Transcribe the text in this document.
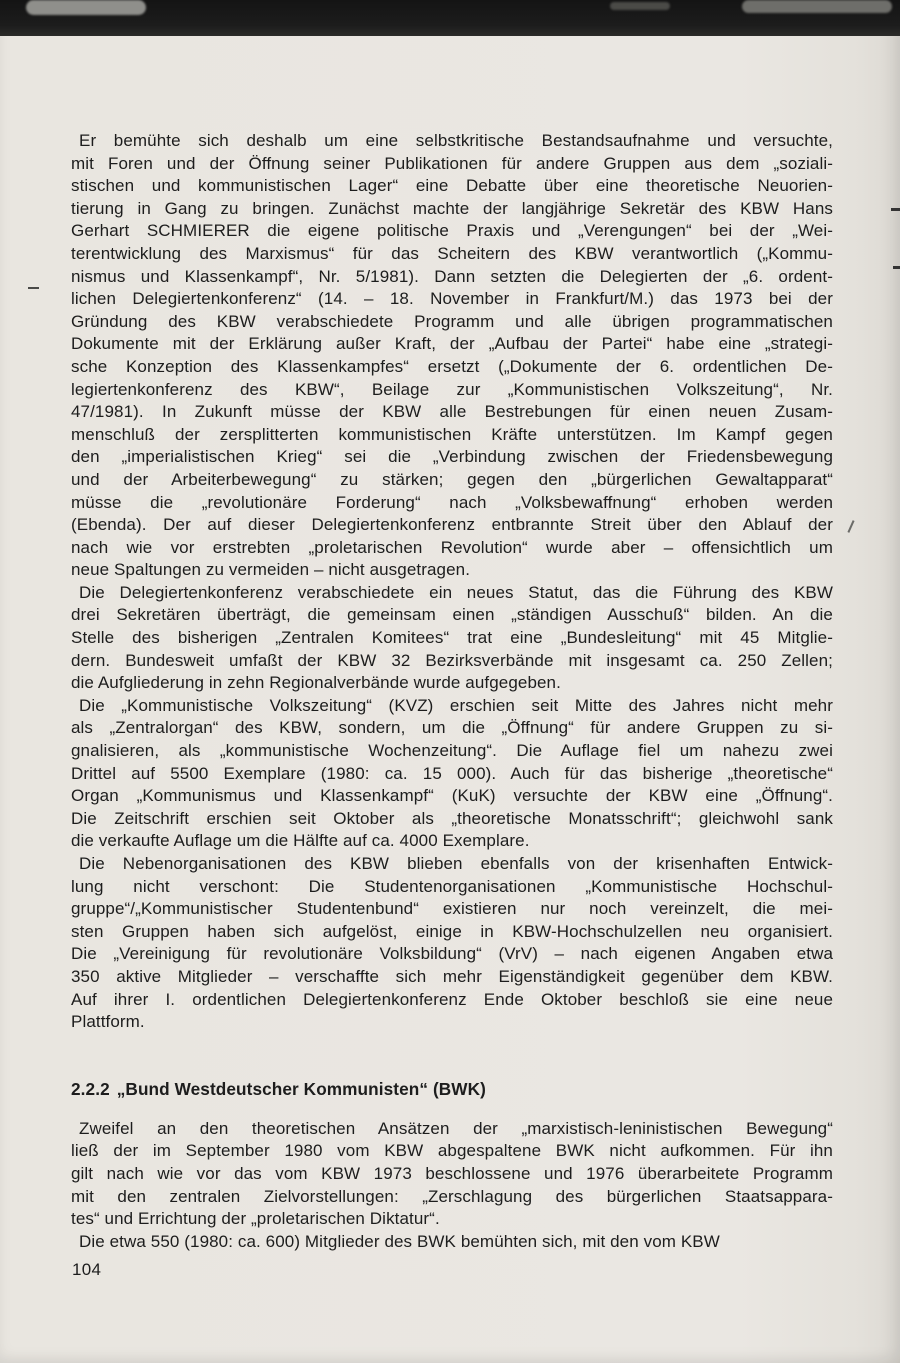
Er bemühte sich deshalb um eine selbstkritische Bestandsaufnahme und versuchte,
mit Foren und der Öffnung seiner Publikationen für andere Gruppen aus dem „soziali-
stischen und kommunistischen Lager“ eine Debatte über eine theoretische Neuorien-
tierung in Gang zu bringen. Zunächst machte der langjährige Sekretär des KBW Hans
Gerhart SCHMIERER die eigene politische Praxis und „Verengungen“ bei der „Wei-
terentwicklung des Marxismus“ für das Scheitern des KBW verantwortlich („Kommu-
nismus und Klassenkampf“, Nr. 5/1981). Dann setzten die Delegierten der „6. ordent-
lichen Delegiertenkonferenz“ (14. – 18. November in Frankfurt/M.) das 1973 bei der
Gründung des KBW verabschiedete Programm und alle übrigen programmatischen
Dokumente mit der Erklärung außer Kraft, der „Aufbau der Partei“ habe eine „strategi-
sche Konzeption des Klassenkampfes“ ersetzt („Dokumente der 6. ordentlichen De-
legiertenkonferenz des KBW“, Beilage zur „Kommunistischen Volkszeitung“, Nr.
47/1981). In Zukunft müsse der KBW alle Bestrebungen für einen neuen Zusam-
menschluß der zersplitterten kommunistischen Kräfte unterstützen. Im Kampf gegen
den „imperialistischen Krieg“ sei die „Verbindung zwischen der Friedensbewegung
und der Arbeiterbewegung“ zu stärken; gegen den „bürgerlichen Gewaltapparat“
müsse die „revolutionäre Forderung“ nach „Volksbewaffnung“ erhoben werden
(Ebenda). Der auf dieser Delegiertenkonferenz entbrannte Streit über den Ablauf der
nach wie vor erstrebten „proletarischen Revolution“ wurde aber – offensichtlich um
neue Spaltungen zu vermeiden – nicht ausgetragen.
Die Delegiertenkonferenz verabschiedete ein neues Statut, das die Führung des KBW
drei Sekretären überträgt, die gemeinsam einen „ständigen Ausschuß“ bilden. An die
Stelle des bisherigen „Zentralen Komitees“ trat eine „Bundesleitung“ mit 45 Mitglie-
dern. Bundesweit umfaßt der KBW 32 Bezirksverbände mit insgesamt ca. 250 Zellen;
die Aufgliederung in zehn Regionalverbände wurde aufgegeben.
Die „Kommunistische Volkszeitung“ (KVZ) erschien seit Mitte des Jahres nicht mehr
als „Zentralorgan“ des KBW, sondern, um die „Öffnung“ für andere Gruppen zu si-
gnalisieren, als „kommunistische Wochenzeitung“. Die Auflage fiel um nahezu zwei
Drittel auf 5500 Exemplare (1980: ca. 15 000). Auch für das bisherige „theoretische“
Organ „Kommunismus und Klassenkampf“ (KuK) versuchte der KBW eine „Öffnung“.
Die Zeitschrift erschien seit Oktober als „theoretische Monatsschrift“; gleichwohl sank
die verkaufte Auflage um die Hälfte auf ca. 4000 Exemplare.
Die Nebenorganisationen des KBW blieben ebenfalls von der krisenhaften Entwick-
lung nicht verschont: Die Studentenorganisationen „Kommunistische Hochschul-
gruppe“/„Kommunistischer Studentenbund“ existieren nur noch vereinzelt, die mei-
sten Gruppen haben sich aufgelöst, einige in KBW-Hochschulzellen neu organisiert.
Die „Vereinigung für revolutionäre Volksbildung“ (VrV) – nach eigenen Angaben etwa
350 aktive Mitglieder – verschaffte sich mehr Eigenständigkeit gegenüber dem KBW.
Auf ihrer I. ordentlichen Delegiertenkonferenz Ende Oktober beschloß sie eine neue
Plattform.
2.2.2 „Bund Westdeutscher Kommunisten“ (BWK)
Zweifel an den theoretischen Ansätzen der „marxistisch-leninistischen Bewegung“
ließ der im September 1980 vom KBW abgespaltene BWK nicht aufkommen. Für ihn
gilt nach wie vor das vom KBW 1973 beschlossene und 1976 überarbeitete Programm
mit den zentralen Zielvorstellungen: „Zerschlagung des bürgerlichen Staatsappara-
tes“ und Errichtung der „proletarischen Diktatur“.
Die etwa 550 (1980: ca. 600) Mitglieder des BWK bemühten sich, mit den vom KBW
104
